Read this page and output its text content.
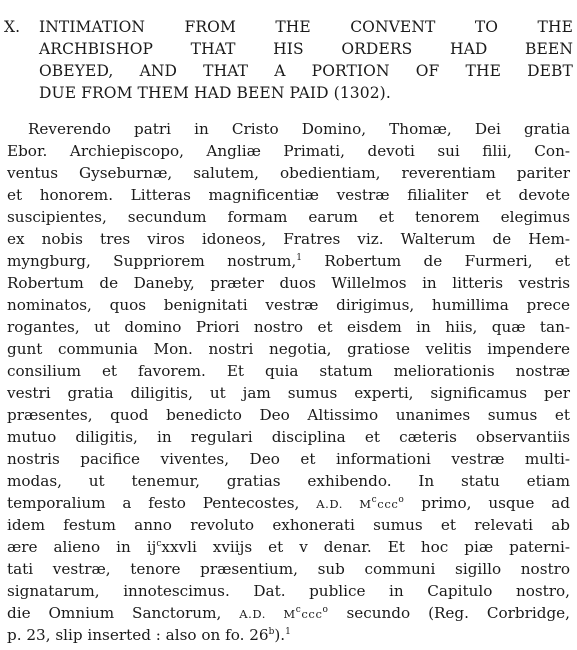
X. INTIMATION FROM THE CONVENT TO THE
ARCHBISHOP THAT HIS ORDERS HAD BEEN
OBEYED, AND THAT A PORTION OF THE DEBT
DUE FROM THEM HAD BEEN PAID (1302).
Reverendo patri in Cristo Domino, Thomæ, Dei gratia
Ebor. Archiepiscopo, Angliæ Primati, devoti sui filii, Con-
ventus Gyseburnæ, salutem, obedientiam, reverentiam pariter
et honorem. Litteras magnificentiæ vestræ filialiter et devote
suscipientes, secundum formam earum et tenorem elegimus
ex nobis tres viros idoneos, Fratres viz. Walterum de Hem-
myngburg, Suppriorem nostrum,$^1$ Robertum de Furmeri, et
Robertum de Daneby, præter duos Willelmos in litteris vestris
nominatos, quos benignitati vestræ dirigimus, humillima prece
rogantes, ut domino Priori nostro et eisdem in hiis, quæ tan-
gunt communia Mon. nostri negotia, gratiose velitis impendere
consilium et favorem. Et quia statum meliorationis nostræ
vestri gratia diligitis, ut jam sumus experti, significamus per
præsentes, quod benedicto Deo Altissimo unanimes sumus et
mutuo diligitis, in regulari disciplina et cæteris observantiis
nostris pacifice viventes, Deo et informationi vestræ multi-
modas, ut tenemur, gratias exhibendo. In statu etiam
temporalium a festo Pentecostes, A.D. $M^cccc^o$ primo, usque ad
idem festum anno revoluto exhonerati sumus et relevati ab
ære alieno in $ij^cxxvli$ xviijs et v denar. Et hoc piæ paterni-
tati vestræ, tenore præsentium, sub communi sigillo nostro
signatarum, innotescimus. Dat. publice in Capitulo nostro,
die Omnium Sanctorum, A.D. $M^cccc^o$ secundo (Reg. Corbridge,
p. 23, slip inserted : also on fo. 26$^b$).$^1$
